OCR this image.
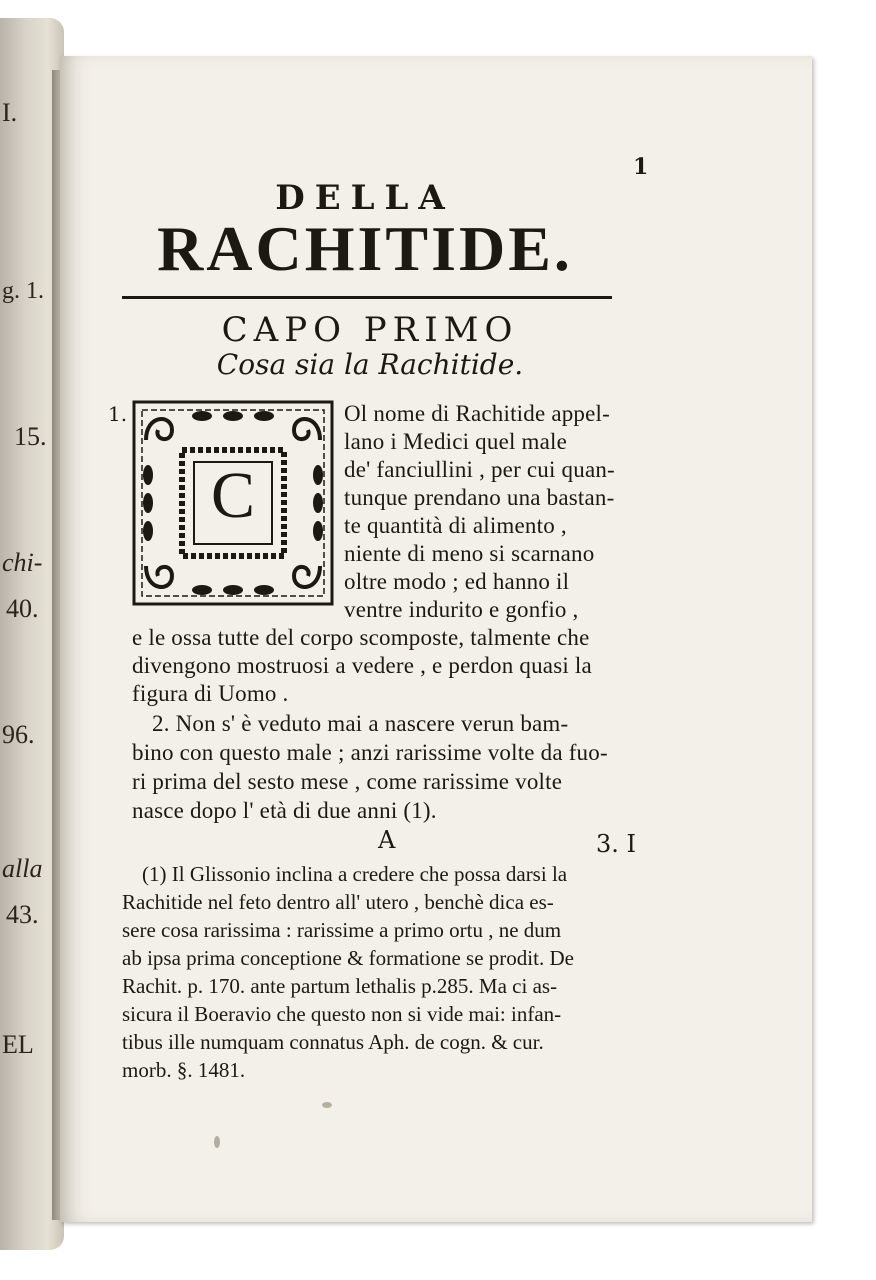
I.
g. 1.
15.
chi-
40.
96.
alla
43.
EL
1
DELLA
RACHITIDE.
CAPO PRIMO
Cosa sia la Rachitide.
1.
C
Ol nome di Rachitide appel-
lano i Medici quel male
de' fanciullini , per cui quan-
tunque prendano una bastan-
te quantità di alimento ,
niente di meno si scarnano
oltre modo ; ed hanno il
ventre indurito e gonfio ,
e le ossa tutte del corpo scomposte, talmente che
divengono mostruosi a vedere , e perdon quasi la
figura di Uomo .
2. Non s' è veduto mai a nascere verun bam-
bino con questo male ; anzi rarissime volte da fuo-
ri prima del sesto mese , come rarissime volte
nasce dopo l' età di due anni (1).
A	3. I
(1) Il Glissonio inclina a credere che possa darsi la
Rachitide nel feto dentro all' utero , benchè dica es-
sere cosa rarissima : rarissime a primo ortu , ne dum
ab ipsa prima conceptione & formatione se prodit. De
Rachit. p. 170. ante partum lethalis p.285. Ma ci as-
sicura il Boeravio che questo non si vide mai: infan-
tibus ille numquam connatus Aph. de cogn. & cur.
morb. §. 1481.
